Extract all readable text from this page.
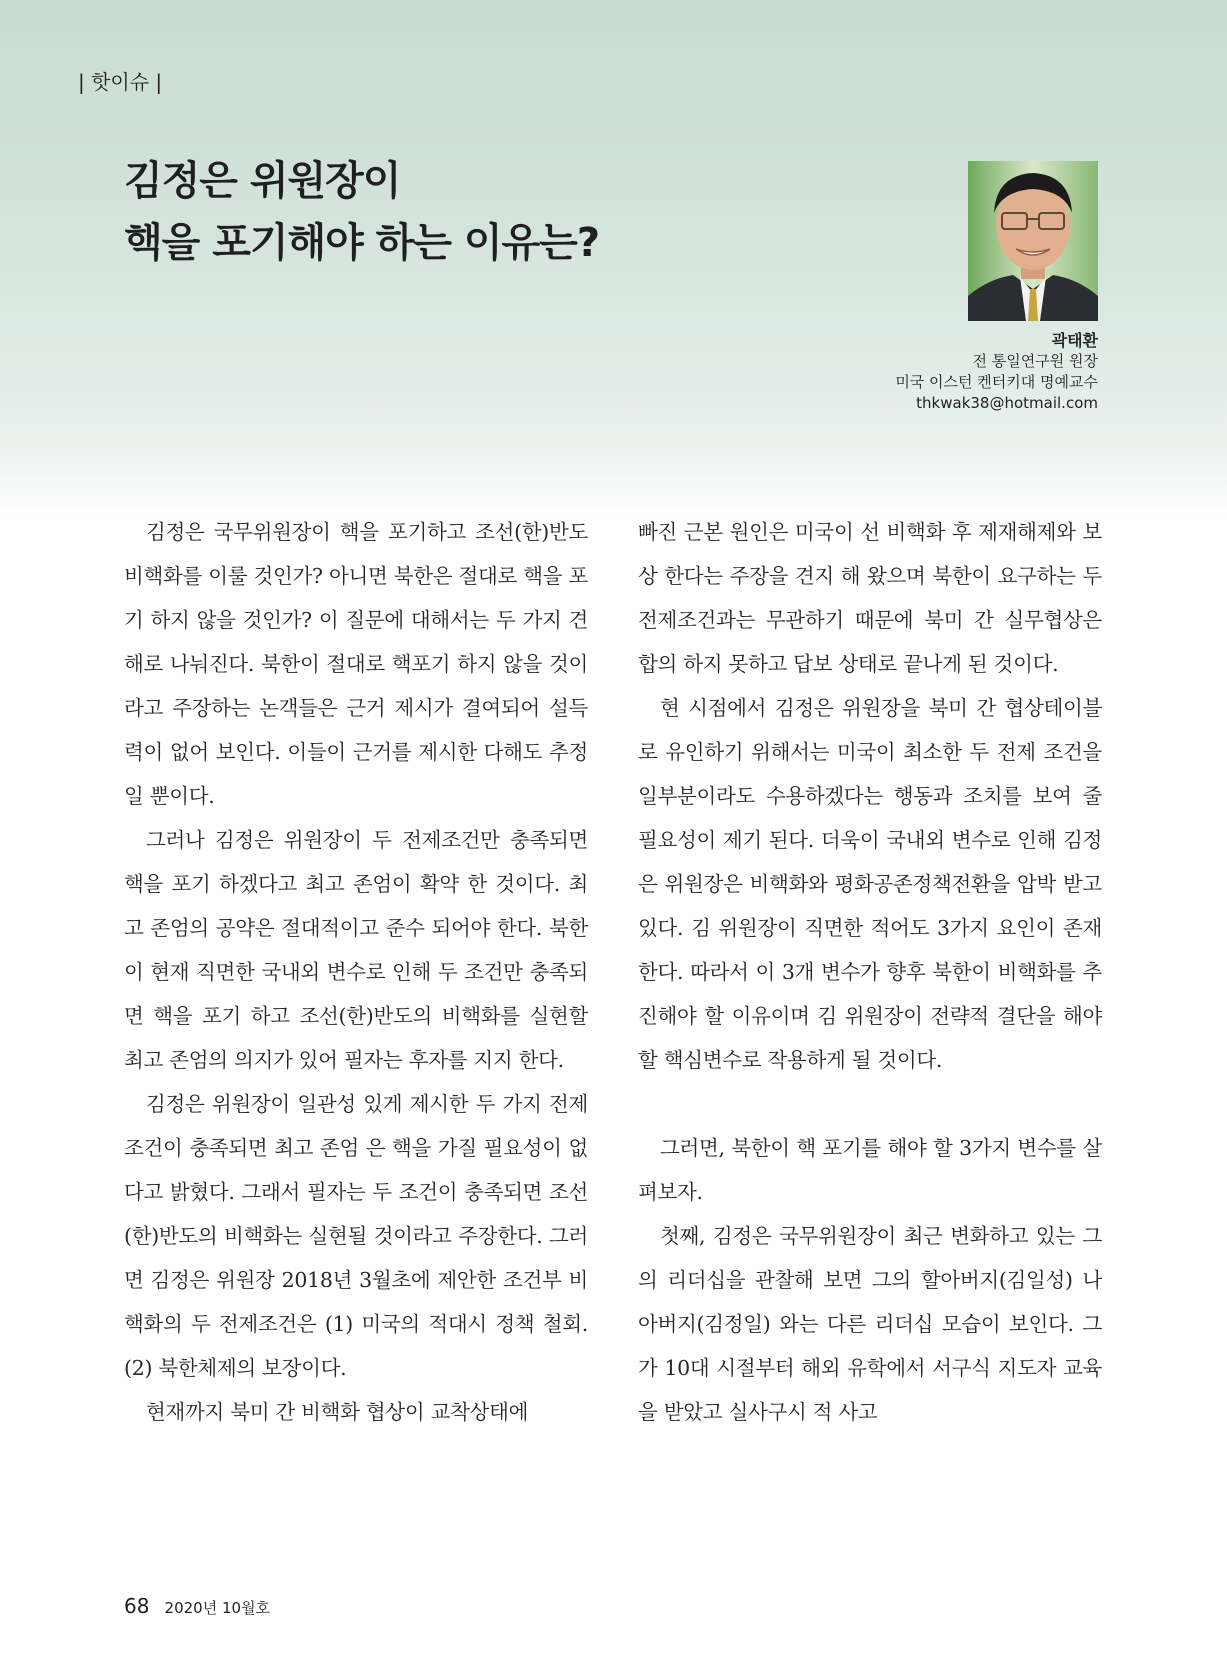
| 핫이슈 |
김정은 위원장이
핵을 포기해야 하는 이유는?
곽태환
전 통일연구원 원장
미국 이스턴 켄터키대 명예교수
thkwak38@hotmail.com

김정은 국무위원장이 핵을 포기하고 조선(한)반도 비핵화를 이룰 것인가? 아니면 북한은 절대로 핵을 포기 하지 않을 것인가? 이 질문에 대해서는 두 가지 견해로 나눠진다. 북한이 절대로 핵포기 하지 않을 것이라고 주장하는 논객들은 근거 제시가 결여되어 설득력이 없어 보인다. 이들이 근거를 제시한 다해도 추정일 뿐이다.

그러나 김정은 위원장이 두 전제조건만 충족되면 핵을 포기 하겠다고 최고 존엄이 확약 한 것이다. 최고 존엄의 공약은 절대적이고 준수 되어야 한다. 북한이 현재 직면한 국내외 변수로 인해 두 조건만 충족되면 핵을 포기 하고 조선(한)반도의 비핵화를 실현할 최고 존엄의 의지가 있어 필자는 후자를 지지 한다.

김정은 위원장이 일관성 있게 제시한 두 가지 전제조건이 충족되면 최고 존엄 은 핵을 가질 필요성이 없다고 밝혔다. 그래서 필자는 두 조건이 충족되면 조선(한)반도의 비핵화는 실현될 것이라고 주장한다. 그러면 김정은 위원장 2018년 3월초에 제안한 조건부 비핵화의 두 전제조건은 (1) 미국의 적대시 정책 철회. (2) 북한체제의 보장이다.

현재까지 북미 간 비핵화 협상이 교착상태에

빠진 근본 원인은 미국이 선 비핵화 후 제재해제와 보상 한다는 주장을 견지 해 왔으며 북한이 요구하는 두 전제조건과는 무관하기 때문에 북미 간 실무협상은 합의 하지 못하고 답보 상태로 끝나게 된 것이다.

현 시점에서 김정은 위원장을 북미 간 협상테이블로 유인하기 위해서는 미국이 최소한 두 전제 조건을 일부분이라도 수용하겠다는 행동과 조치를 보여 줄 필요성이 제기 된다. 더욱이 국내외 변수로 인해 김정은 위원장은 비핵화와 평화공존정책전환을 압박 받고 있다. 김 위원장이 직면한 적어도 3가지 요인이 존재한다. 따라서 이 3개 변수가 향후 북한이 비핵화를 추진해야 할 이유이며 김 위원장이 전략적 결단을 해야 할 핵심변수로 작용하게 될 것이다.

그러면, 북한이 핵 포기를 해야 할 3가지 변수를 살펴보자.

첫째, 김정은 국무위원장이 최근 변화하고 있는 그의 리더십을 관찰해 보면 그의 할아버지(김일성) 나 아버지(김정일) 와는 다른 리더십 모습이 보인다. 그가 10대 시절부터 해외 유학에서 서구식 지도자 교육을 받았고 실사구시 적 사고

68 2020년 10월호
